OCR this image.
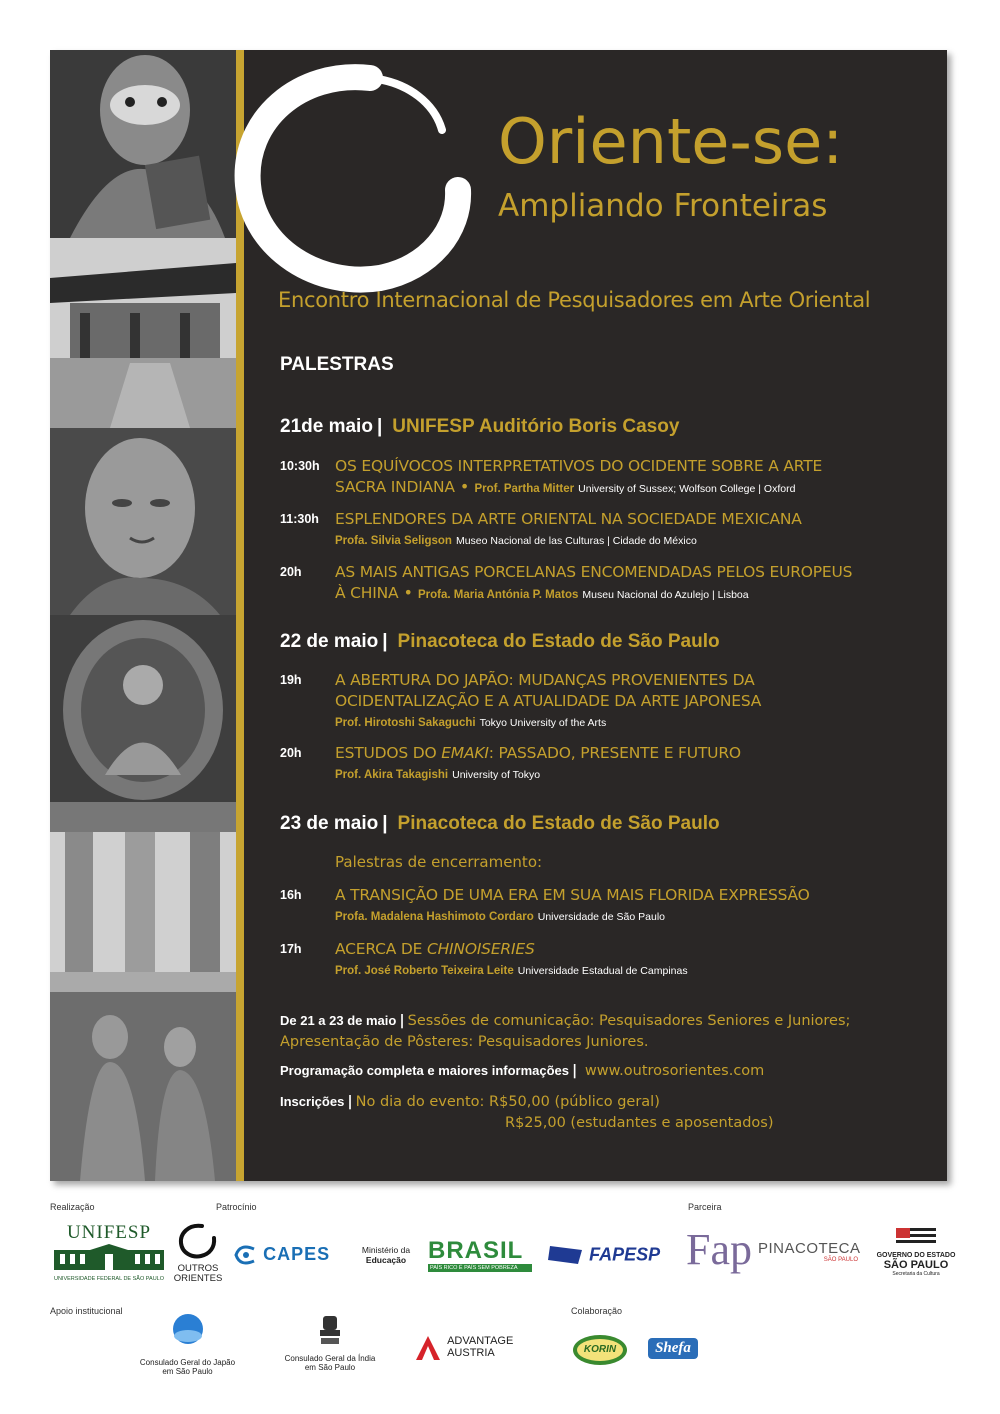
Oriente-se:
Ampliando Fronteiras
Encontro Internacional de Pesquisadores em Arte Oriental
PALESTRAS
21de maio | UNIFESP Auditório Boris Casoy
10:30h OS EQUÍVOCOS INTERPRETATIVOS DO OCIDENTE SOBRE A ARTE
SACRA INDIANA • Prof. Partha Mitter University of Sussex; Wolfson College | Oxford
11:30h ESPLENDORES DA ARTE ORIENTAL NA SOCIEDADE MEXICANA
Profa. Silvia Seligson Museo Nacional de las Culturas | Cidade do México
20h AS MAIS ANTIGAS PORCELANAS ENCOMENDADAS PELOS EUROPEUS
À CHINA • Profa. Maria Antónia P. Matos Museu Nacional do Azulejo | Lisboa
22 de maio | Pinacoteca do Estado de São Paulo
19h A ABERTURA DO JAPÃO: MUDANÇAS PROVENIENTES DA
OCIDENTALIZAÇÃO E A ATUALIDADE DA ARTE JAPONESA
Prof. Hirotoshi Sakaguchi Tokyo University of the Arts
20h ESTUDOS DO EMAKI: PASSADO, PRESENTE E FUTURO
Prof. Akira Takagishi University of Tokyo
23 de maio | Pinacoteca do Estado de São Paulo
Palestras de encerramento:
16h A TRANSIÇÃO DE UMA ERA EM SUA MAIS FLORIDA EXPRESSÃO
Profa. Madalena Hashimoto Cordaro Universidade de São Paulo
17h ACERCA DE CHINOISERIES
Prof. José Roberto Teixeira Leite Universidade Estadual de Campinas
De 21 a 23 de maio | Sessões de comunicação: Pesquisadores Seniores e Juniores;
Apresentação de Pôsteres: Pesquisadores Juniores.
Programação completa e maiores informações | www.outrosorientes.com
Inscrições | No dia do evento: R$50,00 (público geral)
R$25,00 (estudantes e aposentados)
Realização	Patrocínio	Parceira
UNIFESP
UNIVERSIDADE FEDERAL DE SÃO PAULO
OUTROS
ORIENTES
CAPES	Ministério da
Educação BRASIL
PAÍS RICO É PAÍS SEM POBREZA
FAPESP Fap PINACOTECA
SÃO PAULO
GOVERNO DO ESTADO
SÃO PAULO
Secretaria da Cultura
Apoio institucional	Colaboração
Consulado Geral do Japão
em São Paulo
Consulado Geral da Índia
em São Paulo

ADVANTAGE
AUSTRIA	KORIN	Shefa
